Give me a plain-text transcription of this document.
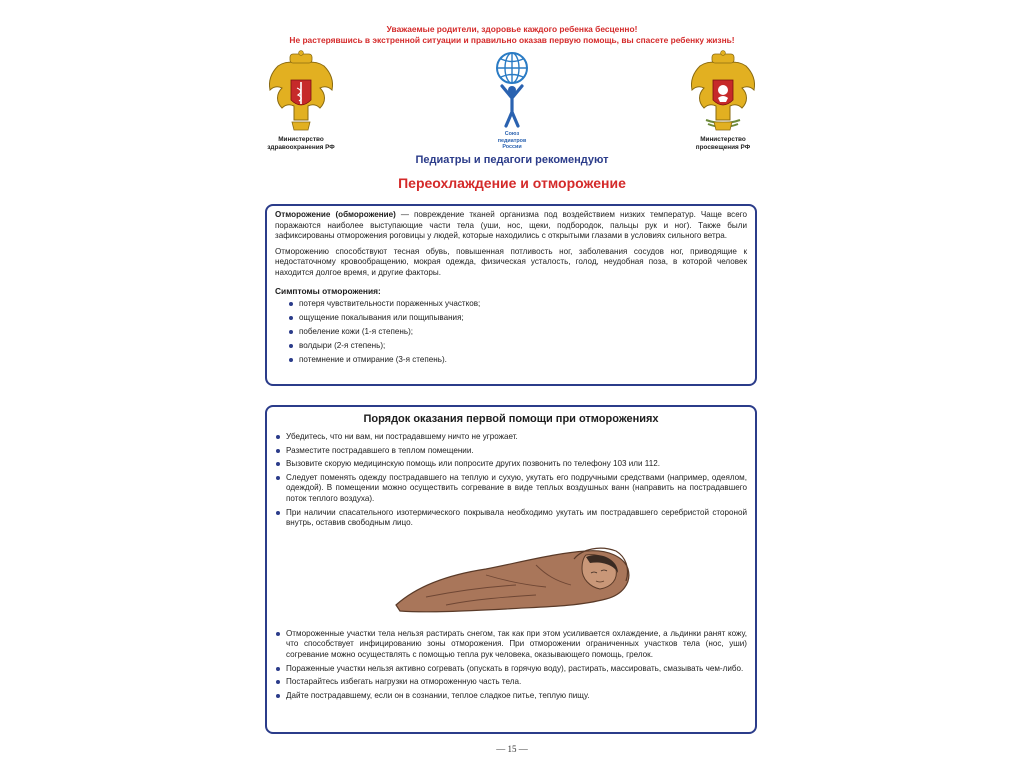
Уважаемые родители, здоровье каждого ребенка бесценно!
Не растерявшись в экстренной ситуации и правильно оказав первую помощь, вы спасете ребенку жизнь!
Министерство
здравоохранения РФ
Союз
педиатров
России
Министерство
просвещения РФ
Педиатры и педагоги рекомендуют
Переохлаждение и отморожение

Отморожение (обморожение) — повреждение тканей организма под воздействием низких температур. Чаще всего поражаются наиболее выступающие части тела (уши, нос, щеки, подбородок, пальцы рук и ног). Также были зафиксированы отморожения роговицы у людей, которые находились с открытыми глазами в условиях сильного ветра.

Отморожению способствуют тесная обувь, повышенная потливость ног, заболевания сосудов ног, приводящие к недостаточному кровообращению, мокрая одежда, физическая усталость, голод, неудобная поза, в которой человек находится долгое время, и другие факторы.

Симптомы отморожения:
потеря чувствительности пораженных участков;
ощущение покалывания или пощипывания;
побеление кожи (1-я степень);
волдыри (2-я степень);
потемнение и отмирание (3-я степень).
Порядок оказания первой помощи при отморожениях
Убедитесь, что ни вам, ни пострадавшему ничто не угрожает.
Разместите пострадавшего в теплом помещении.
Вызовите скорую медицинскую помощь или попросите других позвонить по телефону 103 или 112.
Следует поменять одежду пострадавшего на теплую и сухую, укутать его подручными средствами (например, одеялом, одеждой). В помещении можно осуществить согревание в виде теплых воздушных ванн (направить на пострадавшего поток теплого воздуха).
При наличии спасательного изотермического покрывала необходимо укутать им пострадавшего серебристой стороной внутрь, оставив свободным лицо.
Отмороженные участки тела нельзя растирать снегом, так как при этом усиливается охлаждение, а льдинки ранят кожу, что способствует инфицированию зоны отморожения. При отморожении ограниченных участков тела (нос, уши) согревание можно осуществлять с помощью тепла рук человека, оказывающего помощь, грелок.
Пораженные участки нельзя активно согревать (опускать в горячую воду), растирать, массировать, смазывать чем-либо.
Постарайтесь избегать нагрузки на отмороженную часть тела.
Дайте пострадавшему, если он в сознании, теплое сладкое питье, теплую пищу.
— 15 —
